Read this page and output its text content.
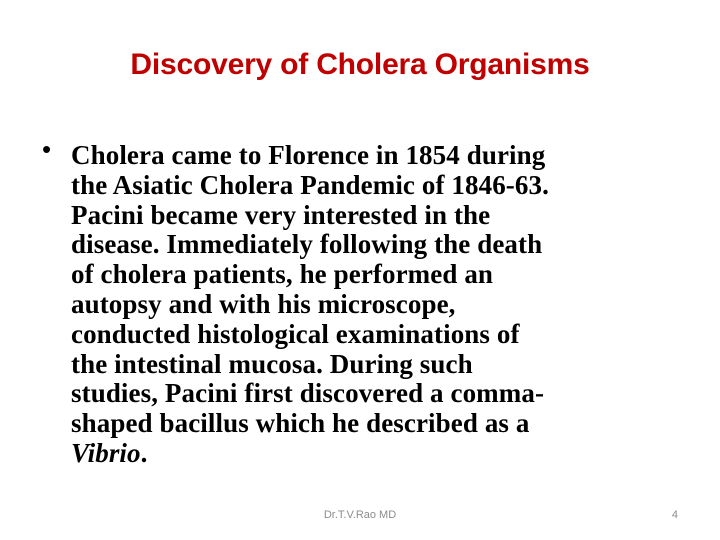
Discovery of Cholera Organisms
• Cholera came to Florence in 1854 during
the Asiatic Cholera Pandemic of 1846-63.
Pacini became very interested in the
disease. Immediately following the death
of cholera patients, he performed an
autopsy and with his microscope,
conducted histological examinations of
the intestinal mucosa. During such
studies, Pacini first discovered a comma-
shaped bacillus which he described as a
Vibrio.
Dr.T.V.Rao MD	4
